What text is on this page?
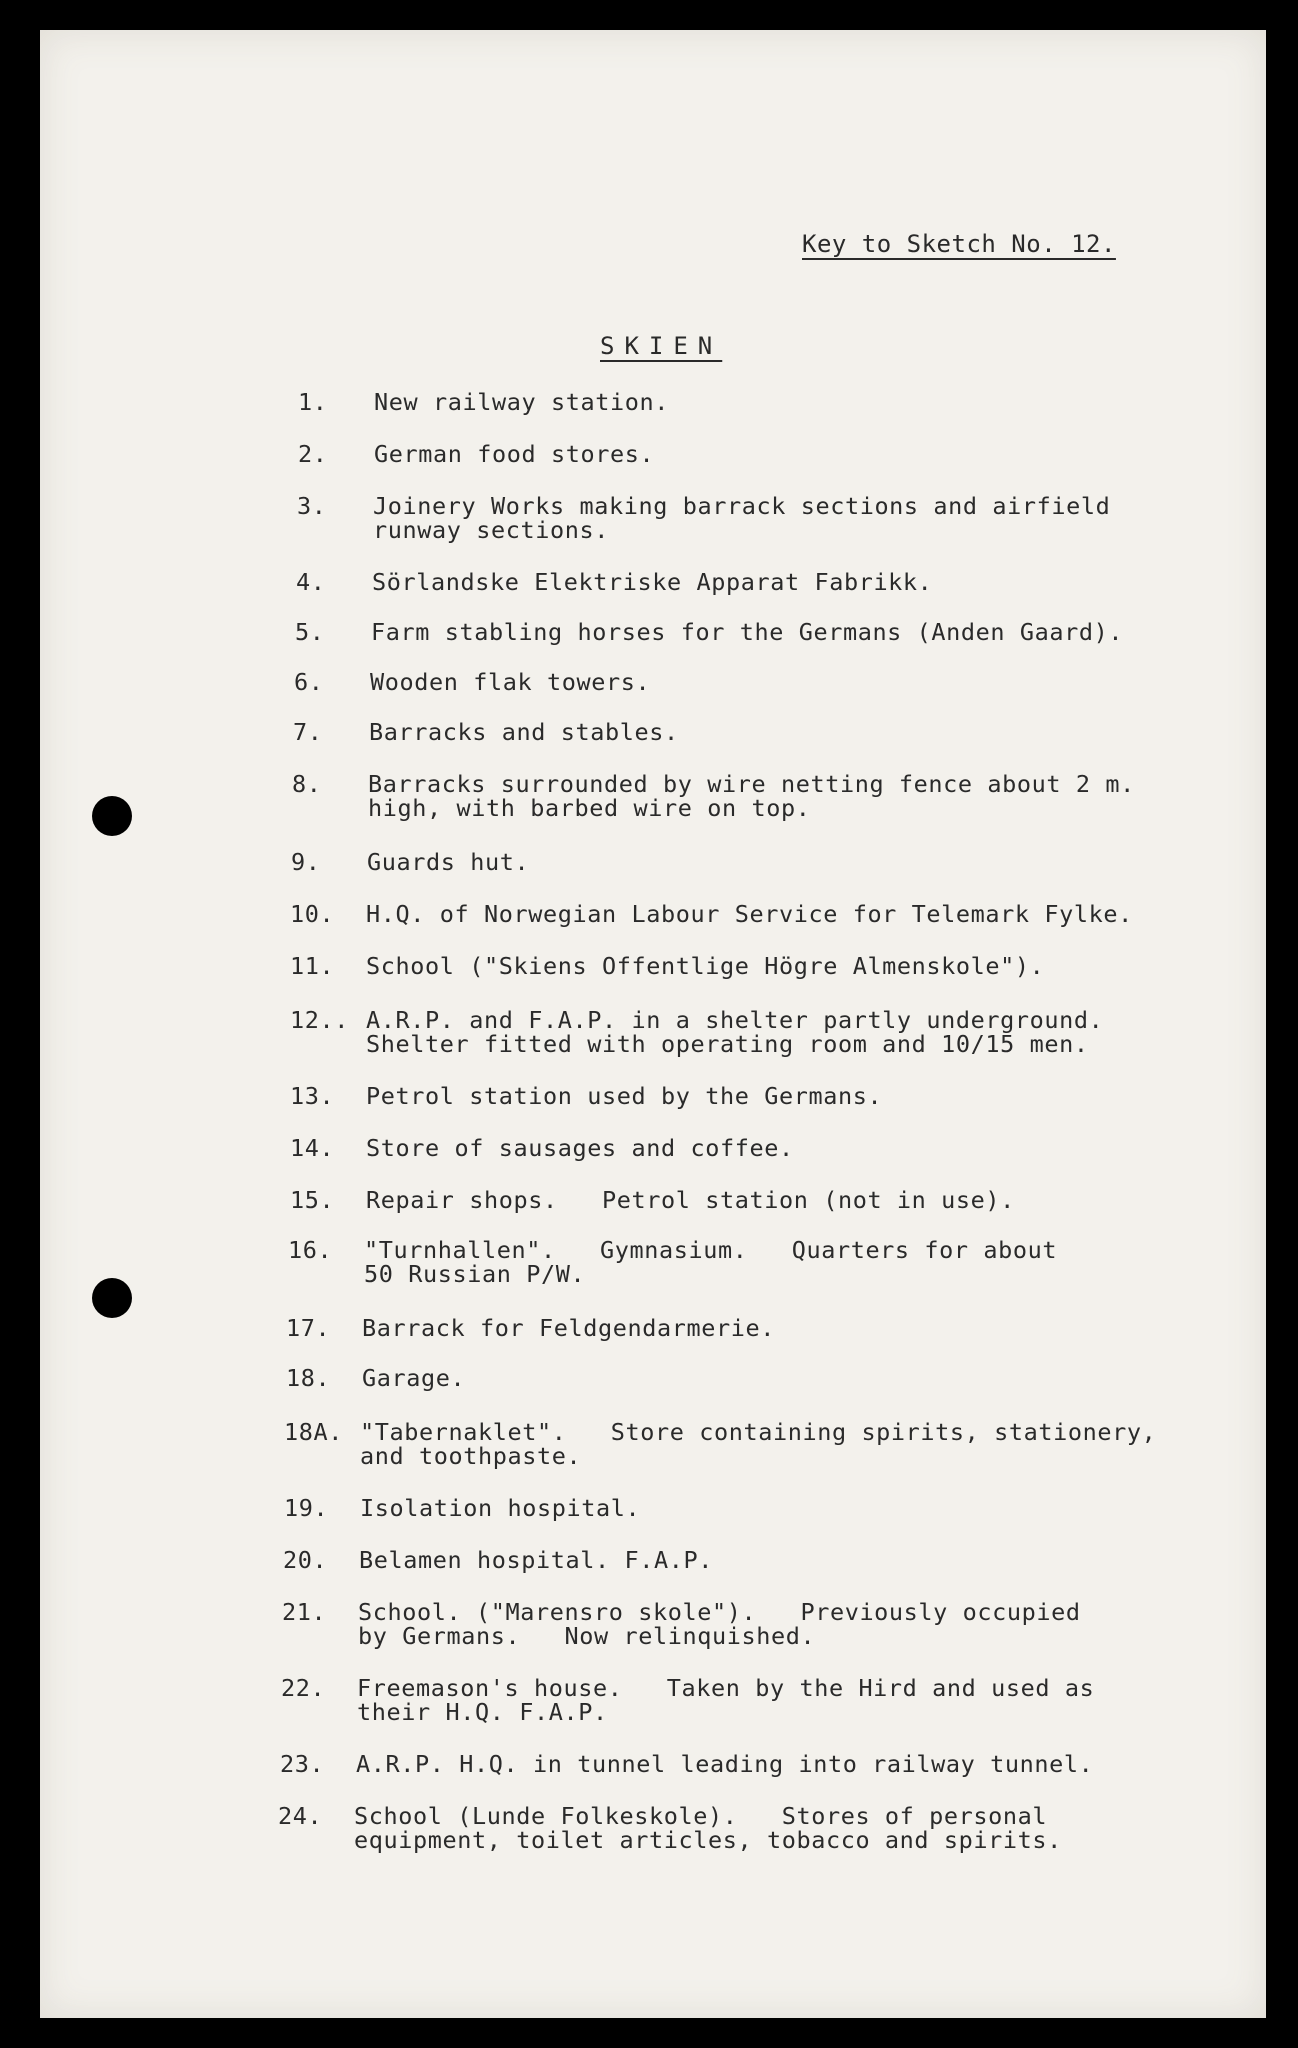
Key to Sketch No. 12.
SKIEN
1.	New railway station.
2.	German food stores.
3.	Joinery Works making barrack sections and airfield
runway sections.
4.	Sörlandske Elektriske Apparat Fabrikk.
5.	Farm stabling horses for the Germans (Anden Gaard).
6.	Wooden flak towers.
7.	Barracks and stables.
8.	Barracks surrounded by wire netting fence about 2 m.
high, with barbed wire on top.
9.	Guards hut.
10.	H.Q. of Norwegian Labour Service for Telemark Fylke.
11.	School ("Skiens Offentlige Högre Almenskole").
12.. A.R.P. and F.A.P. in a shelter partly underground.
Shelter fitted with operating room and 10/15 men.
13.	Petrol station used by the Germans.
14.	Store of sausages and coffee.
15.	Repair shops.   Petrol station (not in use).
16.	"Turnhallen".   Gymnasium.   Quarters for about
50 Russian P/W.
17.	Barrack for Feldgendarmerie.
18.	Garage.
18A. "Tabernaklet".   Store containing spirits, stationery,
and toothpaste.
19.	Isolation hospital.
20.	Belamen hospital. F.A.P.
21.	School. ("Marensro skole").   Previously occupied
by Germans.   Now relinquished.
22.	Freemason's house.   Taken by the Hird and used as
their H.Q. F.A.P.
23.	A.R.P. H.Q. in tunnel leading into railway tunnel.
24.	School (Lunde Folkeskole).   Stores of personal
equipment, toilet articles, tobacco and spirits.
